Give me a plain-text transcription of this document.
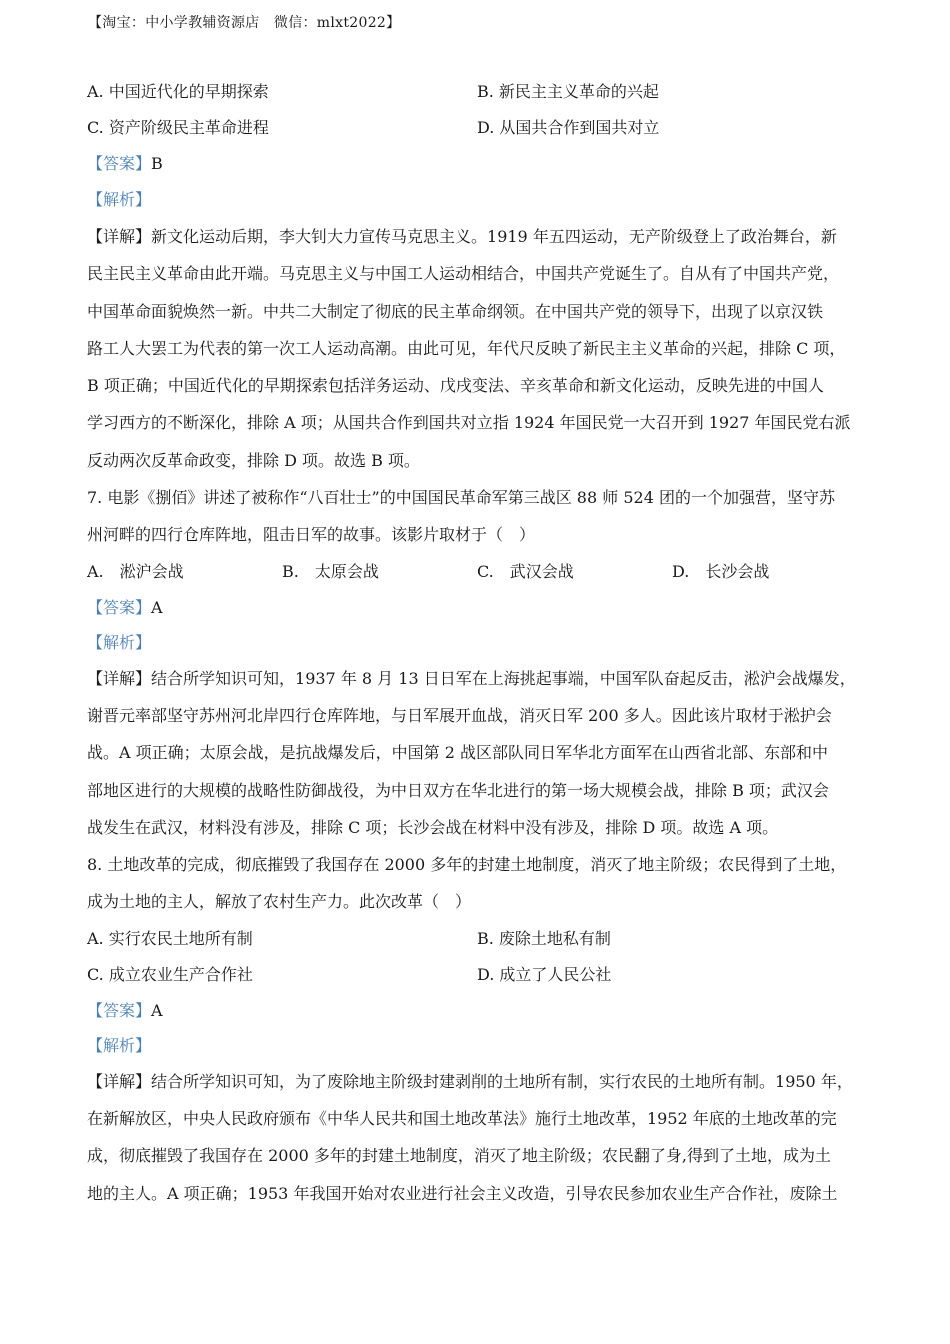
【淘宝：中小学教辅资源店　微信：mlxt2022】
A. 中国近代化的早期探索	B. 新民主主义革命的兴起
C. 资产阶级民主革命进程	D. 从国共合作到国共对立
【答案】B
【解析】
【详解】新文化运动后期，李大钊大力宣传马克思主义。1919 年五四运动，无产阶级登上了政治舞台，新
民主民主义革命由此开端。马克思主义与中国工人运动相结合，中国共产党诞生了。自从有了中国共产党，
中国革命面貌焕然一新。中共二大制定了彻底的民主革命纲领。在中国共产党的领导下，出现了以京汉铁
路工人大罢工为代表的第一次工人运动高潮。由此可见，年代尺反映了新民主主义革命的兴起，排除 C 项，
B 项正确；中国近代化的早期探索包括洋务运动、戊戌变法、辛亥革命和新文化运动，反映先进的中国人
学习西方的不断深化，排除 A 项；从国共合作到国共对立指 1924 年国民党一大召开到 1927 年国民党右派
反动两次反革命政变，排除 D 项。故选 B 项。
7. 电影《捌佰》讲述了被称作“八百壮士”的中国国民革命军第三战区 88 师 524 团的一个加强营，坚守苏
州河畔的四行仓库阵地，阻击日军的故事。该影片取材于（　）
A.　淞沪会战	B.　太原会战	C.　武汉会战	D.　长沙会战
【答案】A
【解析】
【详解】结合所学知识可知，1937 年 8 月 13 日日军在上海挑起事端，中国军队奋起反击，淞沪会战爆发，
谢晋元率部坚守苏州河北岸四行仓库阵地，与日军展开血战，消灭日军 200 多人。因此该片取材于淞护会
战。A 项正确；太原会战，是抗战爆发后，中国第 2 战区部队同日军华北方面军在山西省北部、东部和中
部地区进行的大规模的战略性防御战役，为中日双方在华北进行的第一场大规模会战，排除 B 项；武汉会
战发生在武汉，材料没有涉及，排除 C 项；长沙会战在材料中没有涉及，排除 D 项。故选 A 项。
8. 土地改革的完成，彻底摧毁了我国存在 2000 多年的封建土地制度，消灭了地主阶级；农民得到了土地，
成为土地的主人，解放了农村生产力。此次改革（　）
A. 实行农民土地所有制	B. 废除土地私有制
C. 成立农业生产合作社	D. 成立了人民公社
【答案】A
【解析】
【详解】结合所学知识可知，为了废除地主阶级封建剥削的土地所有制，实行农民的土地所有制。1950 年，
在新解放区，中央人民政府颁布《中华人民共和国土地改革法》施行土地改革，1952 年底的土地改革的完
成，彻底摧毁了我国存在 2000 多年的封建土地制度，消灭了地主阶级；农民翻了身,得到了土地，成为土
地的主人。A 项正确；1953 年我国开始对农业进行社会主义改造，引导农民参加农业生产合作社，废除土
